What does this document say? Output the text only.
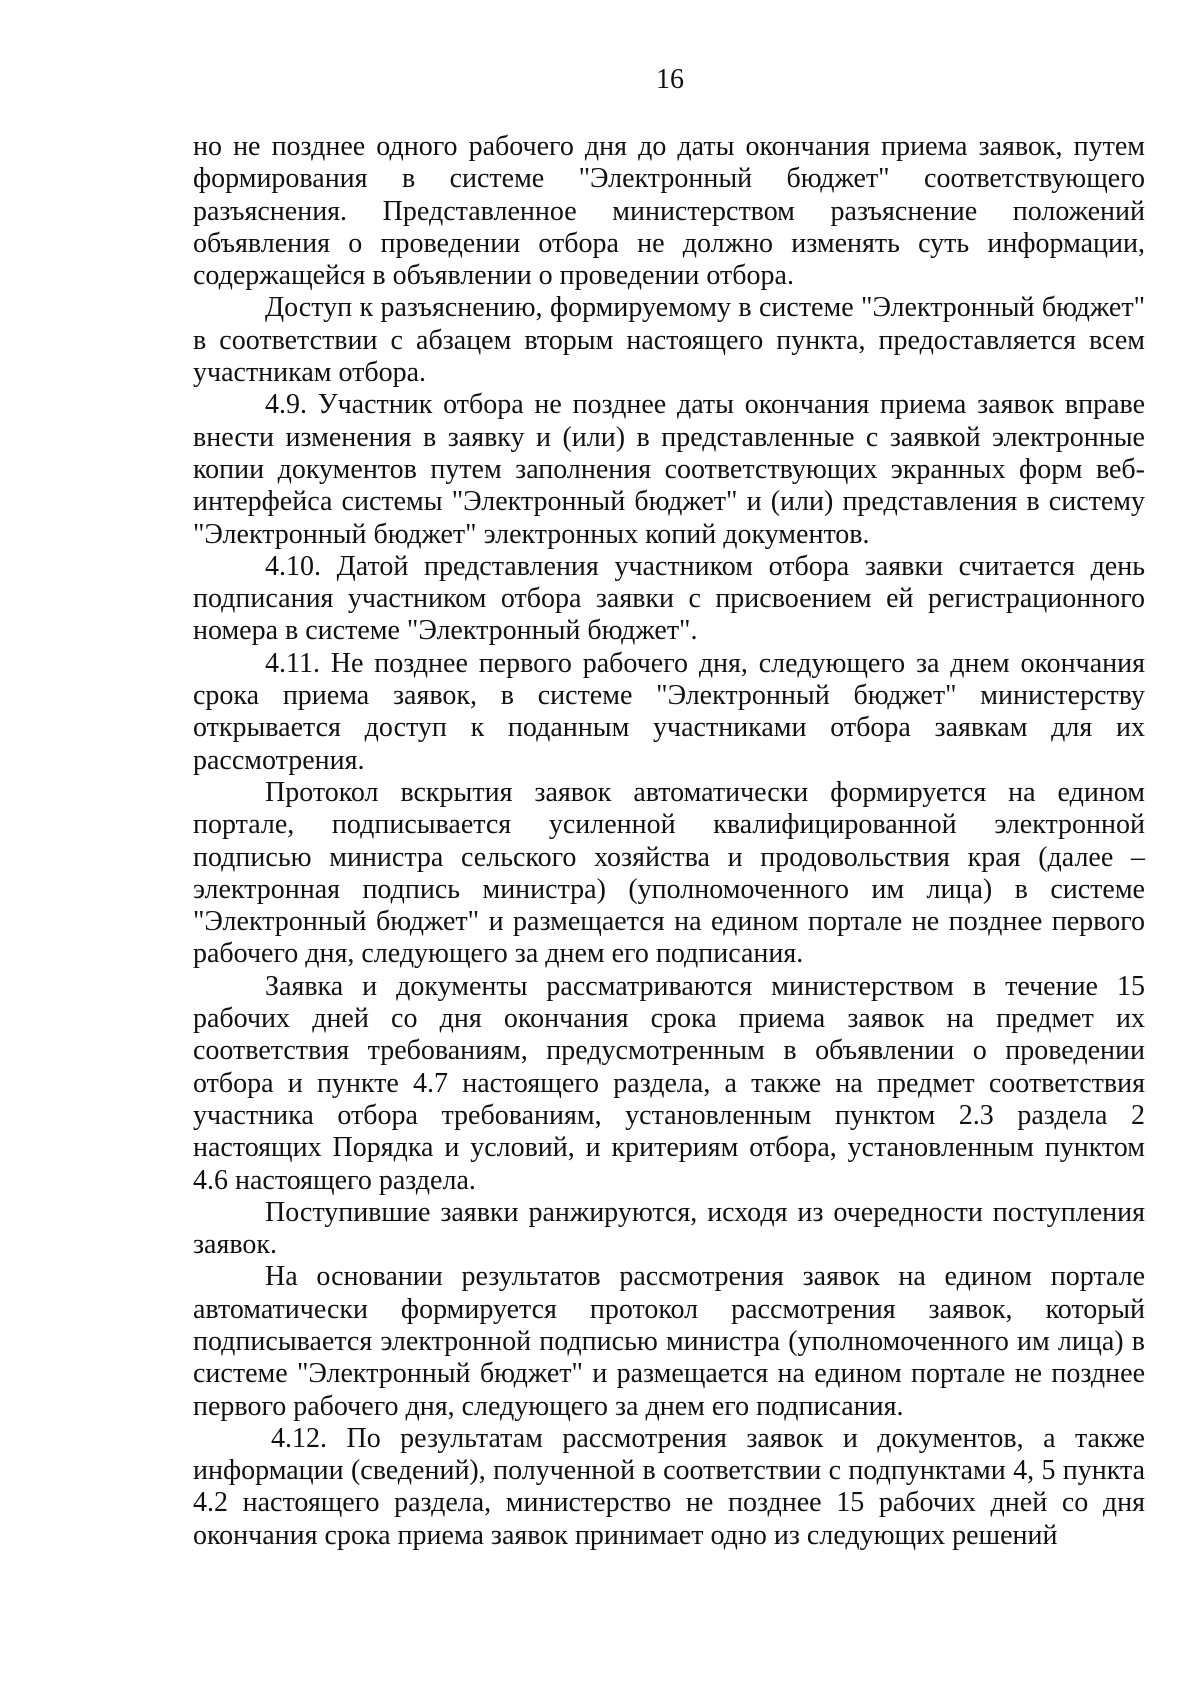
16

но не позднее одного рабочего дня до даты окончания приема заявок, путем формирования в системе "Электронный бюджет" соответствующего разъяснения. Представленное министерством разъяснение положений объявления о проведении отбора не должно изменять суть информации, содержащейся в объявлении о проведении отбора.

Доступ к разъяснению, формируемому в системе "Электронный бюджет" в соответствии с абзацем вторым настоящего пункта, предоставляется всем участникам отбора.

4.9. Участник отбора не позднее даты окончания приема заявок вправе внести изменения в заявку и (или) в представленные с заявкой электронные копии документов путем заполнения соответствующих экранных форм веб-интерфейса системы "Электронный бюджет" и (или) представления в систему "Электронный бюджет" электронных копий документов.

4.10. Датой представления участником отбора заявки считается день подписания участником отбора заявки с присвоением ей регистрационного номера в системе "Электронный бюджет".

4.11. Не позднее первого рабочего дня, следующего за днем окончания срока приема заявок, в системе "Электронный бюджет" министерству открывается доступ к поданным участниками отбора заявкам для их рассмотрения.

Протокол вскрытия заявок автоматически формируется на едином портале, подписывается усиленной квалифицированной электронной подписью министра сельского хозяйства и продовольствия края (далее – электронная подпись министра) (уполномоченного им лица) в системе "Электронный бюджет" и размещается на едином портале не позднее первого рабочего дня, следующего за днем его подписания.

Заявка и документы рассматриваются министерством в течение 15 рабочих дней со дня окончания срока приема заявок на предмет их соответствия требованиям, предусмотренным в объявлении о проведении отбора и пункте 4.7 настоящего раздела, а также на предмет соответствия участника отбора требованиям, установленным пунктом 2.3 раздела 2 настоящих Порядка и условий, и критериям отбора, установленным пунктом 4.6 настоящего раздела.

Поступившие заявки ранжируются, исходя из очередности поступления заявок.

На основании результатов рассмотрения заявок на едином портале автоматически формируется протокол рассмотрения заявок, который подписывается электронной подписью министра (уполномоченного им лица) в системе "Электронный бюджет" и размещается на едином портале не позднее первого рабочего дня, следующего за днем его подписания.

4.12. По результатам рассмотрения заявок и документов, а также информации (сведений), полученной в соответствии с подпунктами 4, 5 пункта 4.2 настоящего раздела, министерство не позднее 15 рабочих дней со дня окончания срока приема заявок принимает одно из следующих решений
